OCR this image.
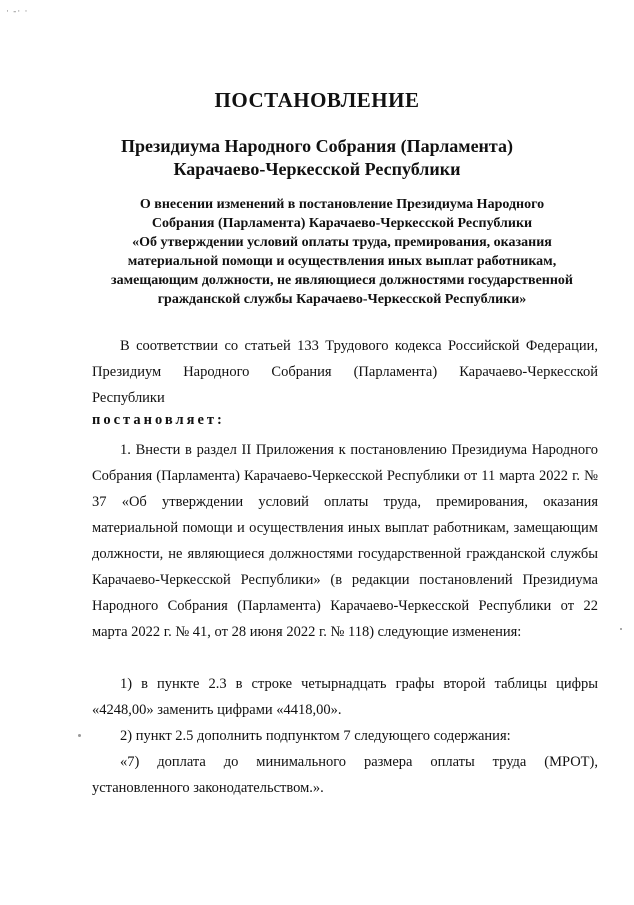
· -· ·
ПОСТАНОВЛЕНИЕ
Президиума Народного Собрания (Парламента)
Карачаево-Черкесской Республики
О внесении изменений в постановление Президиума Народного
Собрания (Парламента) Карачаево-Черкесской Республики
«Об утверждении условий оплаты труда, премирования, оказания
материальной помощи и осуществления иных выплат работникам,
замещающим должности, не являющиеся должностями государственной
гражданской службы Карачаево-Черкесской Республики»

В соответствии со статьей 133 Трудового кодекса Российской Федерации, Президиум Народного Собрания (Парламента) Карачаево-Черкесской Республики

постановляет:

1. Внести в раздел II Приложения к постановлению Президиума Народного Собрания (Парламента) Карачаево-Черкесской Республики от 11 марта 2022 г. № 37 «Об утверждении условий оплаты труда, премирования, оказания материальной помощи и осуществления иных выплат работникам, замещающим должности, не являющиеся должностями государственной гражданской службы Карачаево-Черкесской Республики» (в редакции постановлений Президиума Народного Собрания (Парламента) Карачаево-Черкесской Республики от 22 марта 2022 г. № 41, от 28 июня 2022 г. № 118) следующие изменения:

1) в пункте 2.3 в строке четырнадцать графы второй таблицы цифры «4248,00» заменить цифрами «4418,00».

2) пункт 2.5 дополнить подпунктом 7 следующего содержания:

«7) доплата до минимального размера оплаты труда (МРОТ), установленного законодательством.».
